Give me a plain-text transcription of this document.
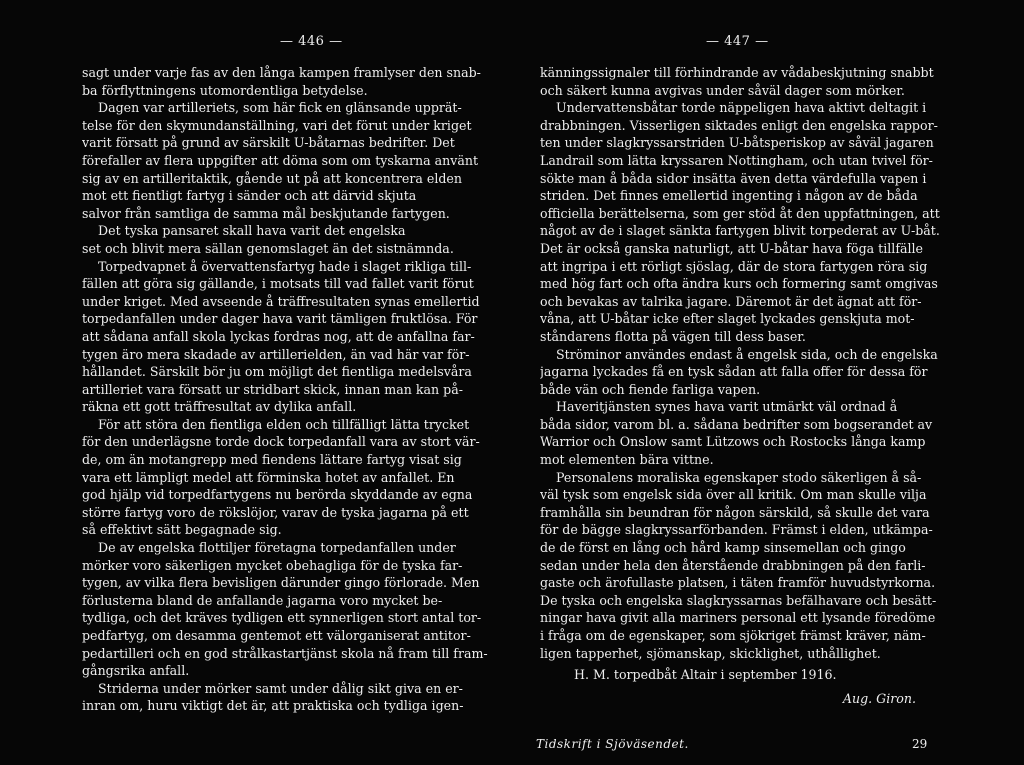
— 446 —	— 447 —
sagt under varje fas av den långa kampen framlyser den snab-
ba förflyttningens utomordentliga betydelse.
Dagen var artilleriets, som här fick en glänsande upprät-
telse för den skymundanställning, vari det förut under kriget
varit försatt på grund av särskilt U-båtarnas bedrifter. Det
förefaller av flera uppgifter att döma som om tyskarna använt
sig av en artilleritaktik, gående ut på att koncentrera elden
mot ett fientligt fartyg i sänder och att därvid skjuta
salvor från samtliga de samma mål beskjutande fartygen.
Det tyska pansaret skall hava varit det engelska
set och blivit mera sällan genomslaget än det sistnämnda.
Torpedvapnet å övervattensfartyg hade i slaget rikliga till-
fällen att göra sig gällande, i motsats till vad fallet varit förut
under kriget. Med avseende å träffresultaten synas emellertid
torpedanfallen under dager hava varit tämligen fruktlösa. För
att sådana anfall skola lyckas fordras nog, att de anfallna far-
tygen äro mera skadade av artillerielden, än vad här var för-
hållandet. Särskilt bör ju om möjligt det fientliga medelsvåra
artilleriet vara försatt ur stridbart skick, innan man kan på-
räkna ett gott träffresultat av dylika anfall.
För att störa den fientliga elden och tillfälligt lätta trycket
för den underlägsne torde dock torpedanfall vara av stort vär-
de, om än motangrepp med fiendens lättare fartyg visat sig
vara ett lämpligt medel att förminska hotet av anfallet. En
god hjälp vid torpedfartygens nu berörda skyddande av egna
större fartyg voro de rökslöjor, varav de tyska jagarna på ett
så effektivt sätt begagnade sig.
De av engelska flottiljer företagna torpedanfallen under
mörker voro säkerligen mycket obehagliga för de tyska far-
tygen, av vilka flera bevisligen därunder gingo förlorade. Men
förlusterna bland de anfallande jagarna voro mycket be-
tydliga, och det kräves tydligen ett synnerligen stort antal tor-
pedfartyg, om desamma gentemot ett välorganiserat antitor-
pedartilleri och en god strålkastartjänst skola nå fram till fram-
gångsrika anfall.
Striderna under mörker samt under dålig sikt giva en er-
inran om, huru viktigt det är, att praktiska och tydliga igen-
känningssignaler till förhindrande av vådabeskjutning snabbt
och säkert kunna avgivas under såväl dager som mörker.
Undervattensbåtar torde näppeligen hava aktivt deltagit i
drabbningen. Visserligen siktades enligt den engelska rappor-
ten under slagkryssarstriden U-båtsperiskop av såväl jagaren
Landrail som lätta kryssaren Nottingham, och utan tvivel för-
sökte man å båda sidor insätta även detta värdefulla vapen i
striden. Det finnes emellertid ingenting i någon av de båda
officiella berättelserna, som ger stöd åt den uppfattningen, att
något av de i slaget sänkta fartygen blivit torpederat av U-båt.
Det är också ganska naturligt, att U-båtar hava föga tillfälle
att ingripa i ett rörligt sjöslag, där de stora fartygen röra sig
med hög fart och ofta ändra kurs och formering samt omgivas
och bevakas av talrika jagare. Däremot är det ägnat att för-
våna, att U-båtar icke efter slaget lyckades genskjuta mot-
ståndarens flotta på vägen till dess baser.
Ströminor användes endast å engelsk sida, och de engelska
jagarna lyckades få en tysk sådan att falla offer för dessa för
både vän och fiende farliga vapen.
Haveritjänsten synes hava varit utmärkt väl ordnad å
båda sidor, varom bl. a. sådana bedrifter som bogserandet av
Warrior och Onslow samt Lützows och Rostocks långa kamp
mot elementen bära vittne.
Personalens moraliska egenskaper stodo säkerligen å så-
väl tysk som engelsk sida över all kritik. Om man skulle vilja
framhålla sin beundran för någon särskild, så skulle det vara
för de bägge slagkryssarförbanden. Främst i elden, utkämpa-
de de först en lång och hård kamp sinsemellan och gingo
sedan under hela den återstående drabbningen på den farli-
gaste och ärofullaste platsen, i täten framför huvudstyrkorna.
De tyska och engelska slagkryssarnas befälhavare och besätt-
ningar hava givit alla mariners personal ett lysande föredöme
i fråga om de egenskaper, som sjökriget främst kräver, näm-
ligen tapperhet, sjömanskap, skicklighet, uthållighet.
H. M. torpedbåt Altair i september 1916.
Aug. Giron.
Tidskrift i Sjöväsendet.	29
